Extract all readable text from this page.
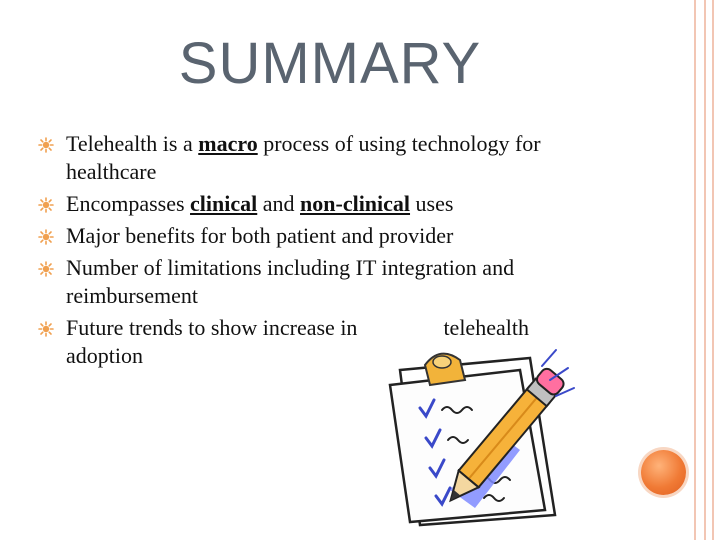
SUMMARY
Telehealth is a macro process of using technology for healthcare
Encompasses clinical and non-clinical uses
Major benefits for both patient and provider
Number of limitations including IT integration and reimbursement
Future trends to show increase in	telehealth adoption
